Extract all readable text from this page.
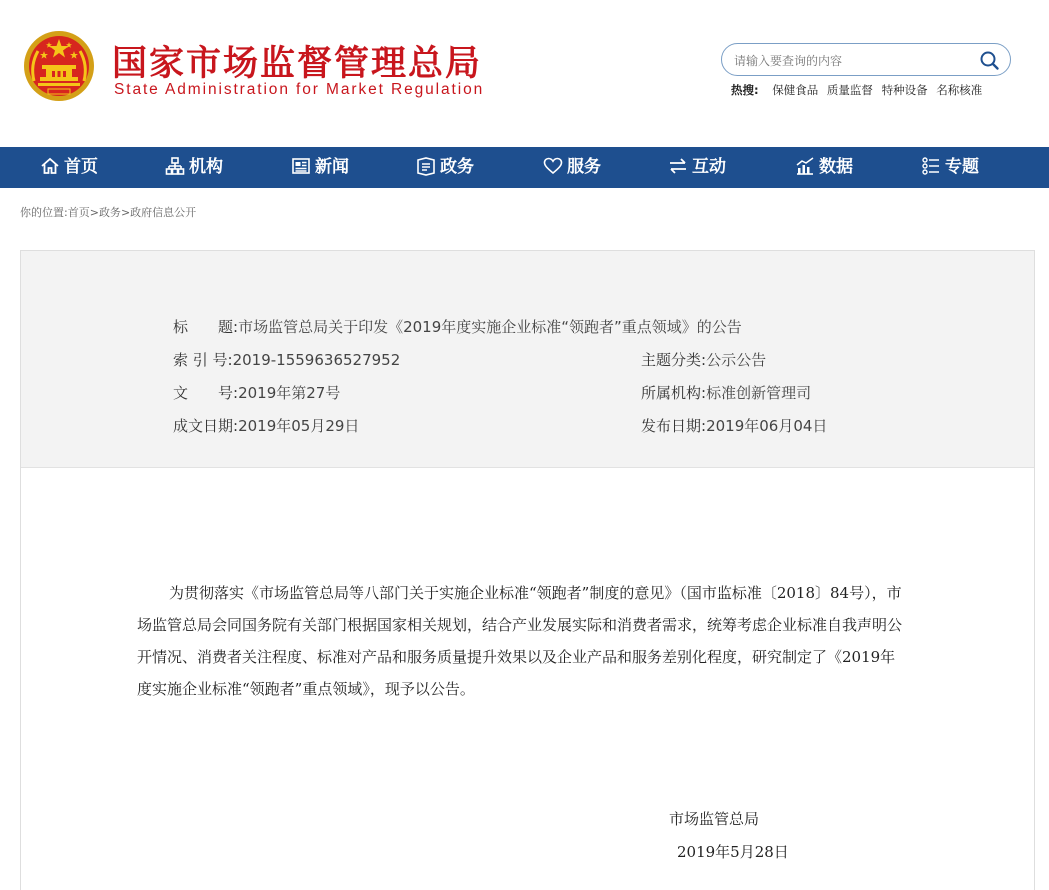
国家市场监督管理总局
State Administration for Market Regulation
请输入要查询的内容	热搜: 保健食品 质量监督 特种设备 名称核准
首页	机构	新闻	政务	服务	互动	数据	专题
你的位置:首页>政务>政府信息公开
标　　题:市场监管总局关于印发《2019年度实施企业标准“领跑者”重点领域》的公告
索 引 号:2019-1559636527952	主题分类:公示公告
文　　号:2019年第27号	所属机构:标准创新管理司
成文日期:2019年05月29日	发布日期:2019年06月04日
为贯彻落实《市场监管总局等八部门关于实施企业标准“领跑者”制度的意见》（国市监标准〔2018〕84号），市场监管总局会同国务院有关部门根据国家相关规划，结合产业发展实际和消费者需求，统筹考虑企业标准自我声明公开情况、消费者关注程度、标准对产品和服务质量提升效果以及企业产品和服务差别化程度，研究制定了《2019年度实施企业标准“领跑者”重点领域》，现予以公告。
市场监管总局
2019年5月28日
